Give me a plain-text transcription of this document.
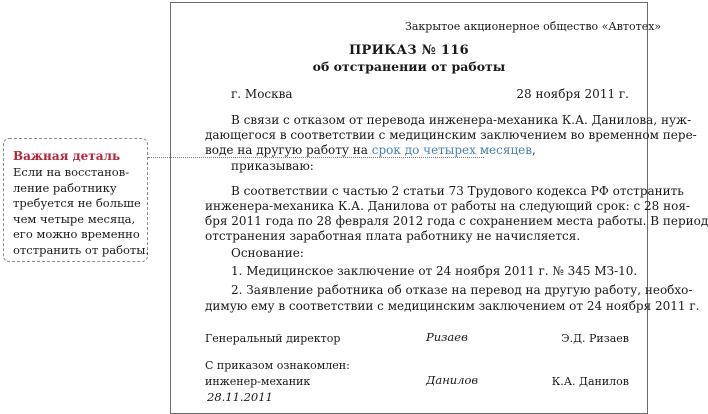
Закрытое акционерное общество «Автотех»
ПРИКАЗ № 116
об отстранении от работы
г. Москва	28 ноября 2011 г.
В связи с отказом от перевода инженера-механика К.А. Данилова, нуж-
дающегося в соответствии с медицинским заключением во временном пере-
воде на другую работу на срок до четырех месяцев,
приказываю:
В соответствии с частью 2 статьи 73 Трудового кодекса РФ отстранить
инженера-механика К.А. Данилова от работы на следующий срок: с 28 ноя-
бря 2011 года по 28 февраля 2012 года с сохранением места работы. В период
отстранения заработная плата работнику не начисляется.
Основание:
1. Медицинское заключение от 24 ноября 2011 г. № 345 МЗ-10.
2. Заявление работника об отказе на перевод на другую работу, необхо-
димую ему в соответствии с медицинским заключением от 24 ноября 2011 г.
Генеральный директор	Ризаев	Э.Д. Ризаев
С приказом ознакомлен:
инженер-механик	Данилов	К.А. Данилов
28.11.2011
Важная деталь
Если на восстанов-
ление работнику
требуется не больше
чем четыре месяца,
его можно временно
отстранить от работы.
